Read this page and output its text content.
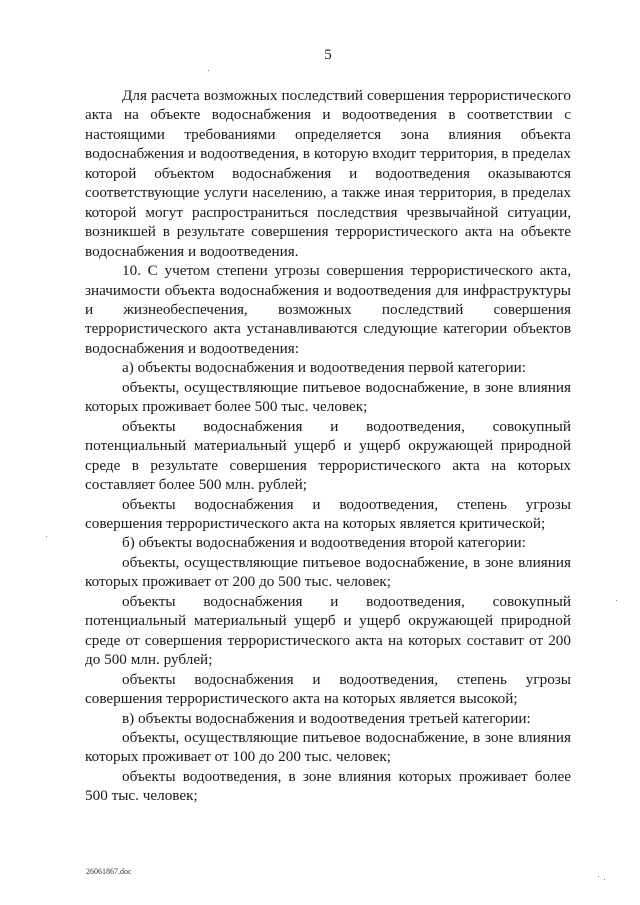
5

Для расчета возможных последствий совершения террористического акта на объекте водоснабжения и водоотведения в соответствии с настоящими требованиями определяется зона влияния объекта водоснабжения и водоотведения, в которую входит территория, в пределах которой объектом водоснабжения и водоотведения оказываются соответствующие услуги населению, а также иная территория, в пределах которой могут распространиться последствия чрезвычайной ситуации, возникшей в результате совершения террористического акта на объекте водоснабжения и водоотведения.

10. С учетом степени угрозы совершения террористического акта, значимости объекта водоснабжения и водоотведения для инфраструктуры и жизнеобеспечения, возможных последствий совершения террористического акта устанавливаются следующие категории объектов водоснабжения и водоотведения:

а) объекты водоснабжения и водоотведения первой категории:

объекты, осуществляющие питьевое водоснабжение, в зоне влияния которых проживает более 500 тыс. человек;

объекты водоснабжения и водоотведения, совокупный потенциальный материальный ущерб и ущерб окружающей природной среде в результате совершения террористического акта на которых составляет более 500 млн. рублей;

объекты водоснабжения и водоотведения, степень угрозы совершения террористического акта на которых является критической;

б) объекты водоснабжения и водоотведения второй категории:

объекты, осуществляющие питьевое водоснабжение, в зоне влияния которых проживает от 200 до 500 тыс. человек;

объекты водоснабжения и водоотведения, совокупный потенциальный материальный ущерб и ущерб окружающей природной среде от совершения террористического акта на которых составит от 200 до 500 млн. рублей;

объекты водоснабжения и водоотведения, степень угрозы совершения террористического акта на которых является высокой;

в) объекты водоснабжения и водоотведения третьей категории:

объекты, осуществляющие питьевое водоснабжение, в зоне влияния которых проживает от 100 до 200 тыс. человек;

объекты водоотведения, в зоне влияния которых проживает более 500 тыс. человек;

26061867.doc
